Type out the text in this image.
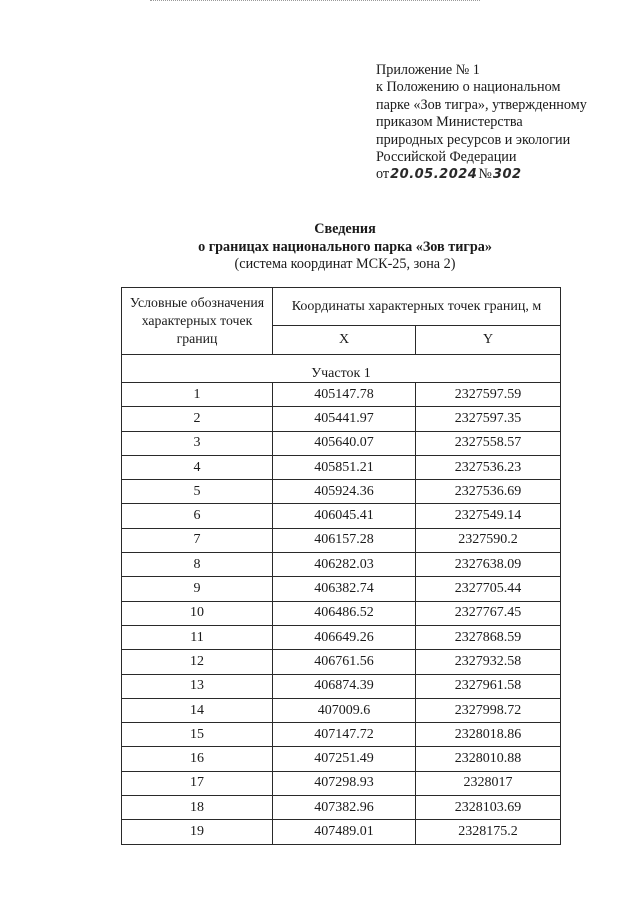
Приложение № 1
к Положению о национальном
парке «Зов тигра», утвержденному
приказом Министерства
природных ресурсов и экологии
Российской Федерации
от 20.05.2024 № 302
Сведения
о границах национального парка «Зов тигра»
(система координат МСК-25, зона 2)
Условные обозначения характерных точек границ	Координаты характерных точек границ, м	
	X	Y
Участок 1		
1	405147.78	2327597.59
2	405441.97	2327597.35
3	405640.07	2327558.57
4	405851.21	2327536.23
5	405924.36	2327536.69
6	406045.41	2327549.14
7	406157.28	2327590.2
8	406282.03	2327638.09
9	406382.74	2327705.44
10	406486.52	2327767.45
11	406649.26	2327868.59
12	406761.56	2327932.58
13	406874.39	2327961.58
14	407009.6	2327998.72
15	407147.72	2328018.86
16	407251.49	2328010.88
17	407298.93	2328017
18	407382.96	2328103.69
19	407489.01	2328175.2
